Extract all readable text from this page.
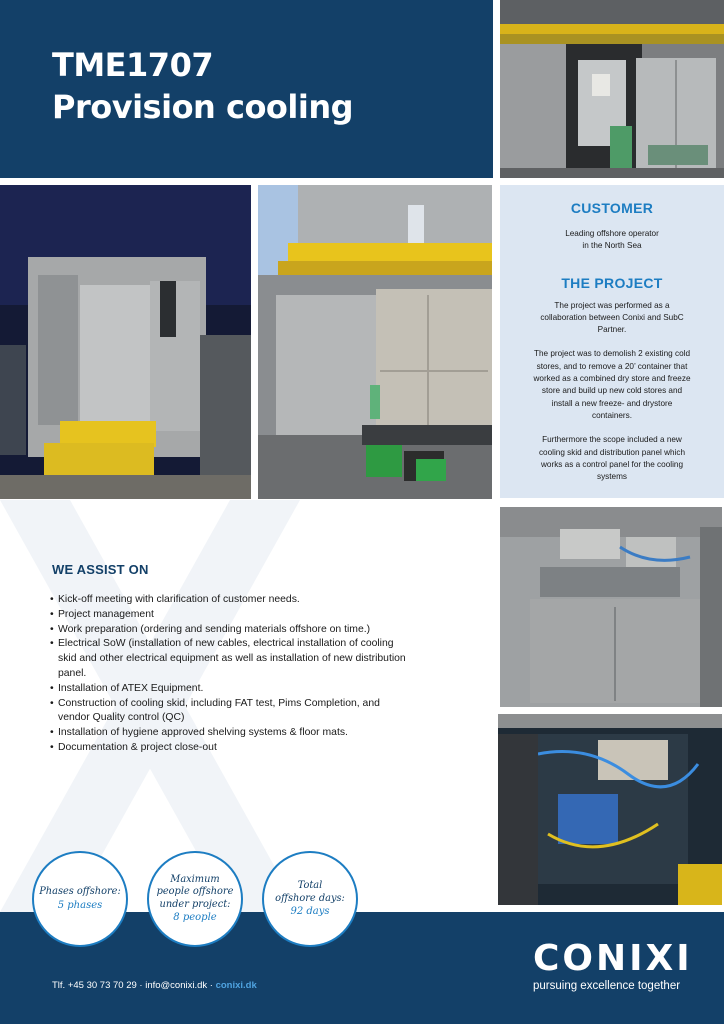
TME1707
Provision cooling
CUSTOMER
Leading offshore operator
in the North Sea
THE PROJECT
The project was performed as a
collaboration between Conixi and SubC
Partner.
The project was to demolish 2 existing cold
stores, and to remove a 20’ container that
worked as a combined dry store and freeze
store and build up new cold stores and
install a new freeze- and drystore
containers.
Furthermore the scope included a new
cooling skid and distribution panel which
works as a control panel for the cooling
systems
WE ASSIST ON
• Kick-off meeting with clarification of customer needs.
• Project management
• Work preparation (ordering and sending materials offshore on time.)
• Electrical SoW (installation of new cables, electrical installation of cooling skid and other electrical equipment as well as installation of new distribution panel.
• Installation of ATEX Equipment.
• Construction of cooling skid, including FAT test, Pims Completion, and vendor Quality control (QC)
• Installation of hygiene approved shelving systems & floor mats.
• Documentation & project close-out
Tlf. +45 30 73 70 29 · info@conixi.dk · conixi.dk
CONIXI
pursuing excellence together
Phases offshore:
5 phases
Maximum
people offshore
under project:
8 people
Total
offshore days:
92 days
